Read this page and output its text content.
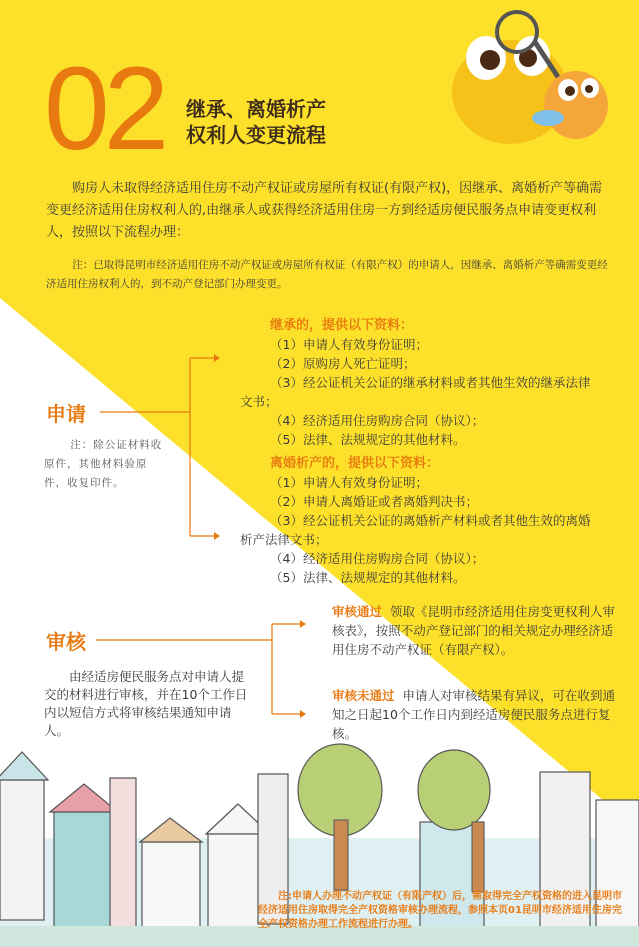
02 继承、离婚析产
权利人变更流程
购房人未取得经济适用住房不动产权证或房屋所有权证(有限产权)，因继承、离婚析产等确需变更经济适用住房权利人的,由继承人或获得经济适用住房一方到经适房便民服务点申请变更权利人，按照以下流程办理：
注：已取得昆明市经济适用住房不动产权证或房屋所有权证（有限产权）的申请人，因继承、离婚析产等确需变更经济适用住房权利人的，到不动产登记部门办理变更。
申请
注：除公证材料收原件，其他材料验原件，收复印件。
继承的，提供以下资料：
（1）申请人有效身份证明；
（2）原购房人死亡证明；
（3）经公证机关公证的继承材料或者其他生效的继承法律
文书；
（4）经济适用住房购房合同（协议）；
（5）法律、法规规定的其他材料。
离婚析产的，提供以下资料：
（1）申请人有效身份证明；
（2）申请人离婚证或者离婚判决书；
（3）经公证机关公证的离婚析产材料或者其他生效的离婚
析产法律文书；
（4）经济适用住房购房合同（协议）；
（5）法律、法规规定的其他材料。
审核
由经适房便民服务点对申请人提交的材料进行审核，并在10个工作日内以短信方式将审核结果通知申请人。
审核通过 领取《昆明市经济适用住房变更权利人审核表》，按照不动产登记部门的相关规定办理经济适用住房不动产权证（有限产权）。
审核未通过 申请人对审核结果有异议，可在收到通知之日起10个工作日内到经适房便民服务点进行复核。
注:申请人办理不动产权证（有限产权）后，需取得完全产权资格的进入昆明市经济适用住房取得完全产权资格审核办理流程，参照本页01昆明市经济适用住房完全产权资格办理工作流程进行办理。
